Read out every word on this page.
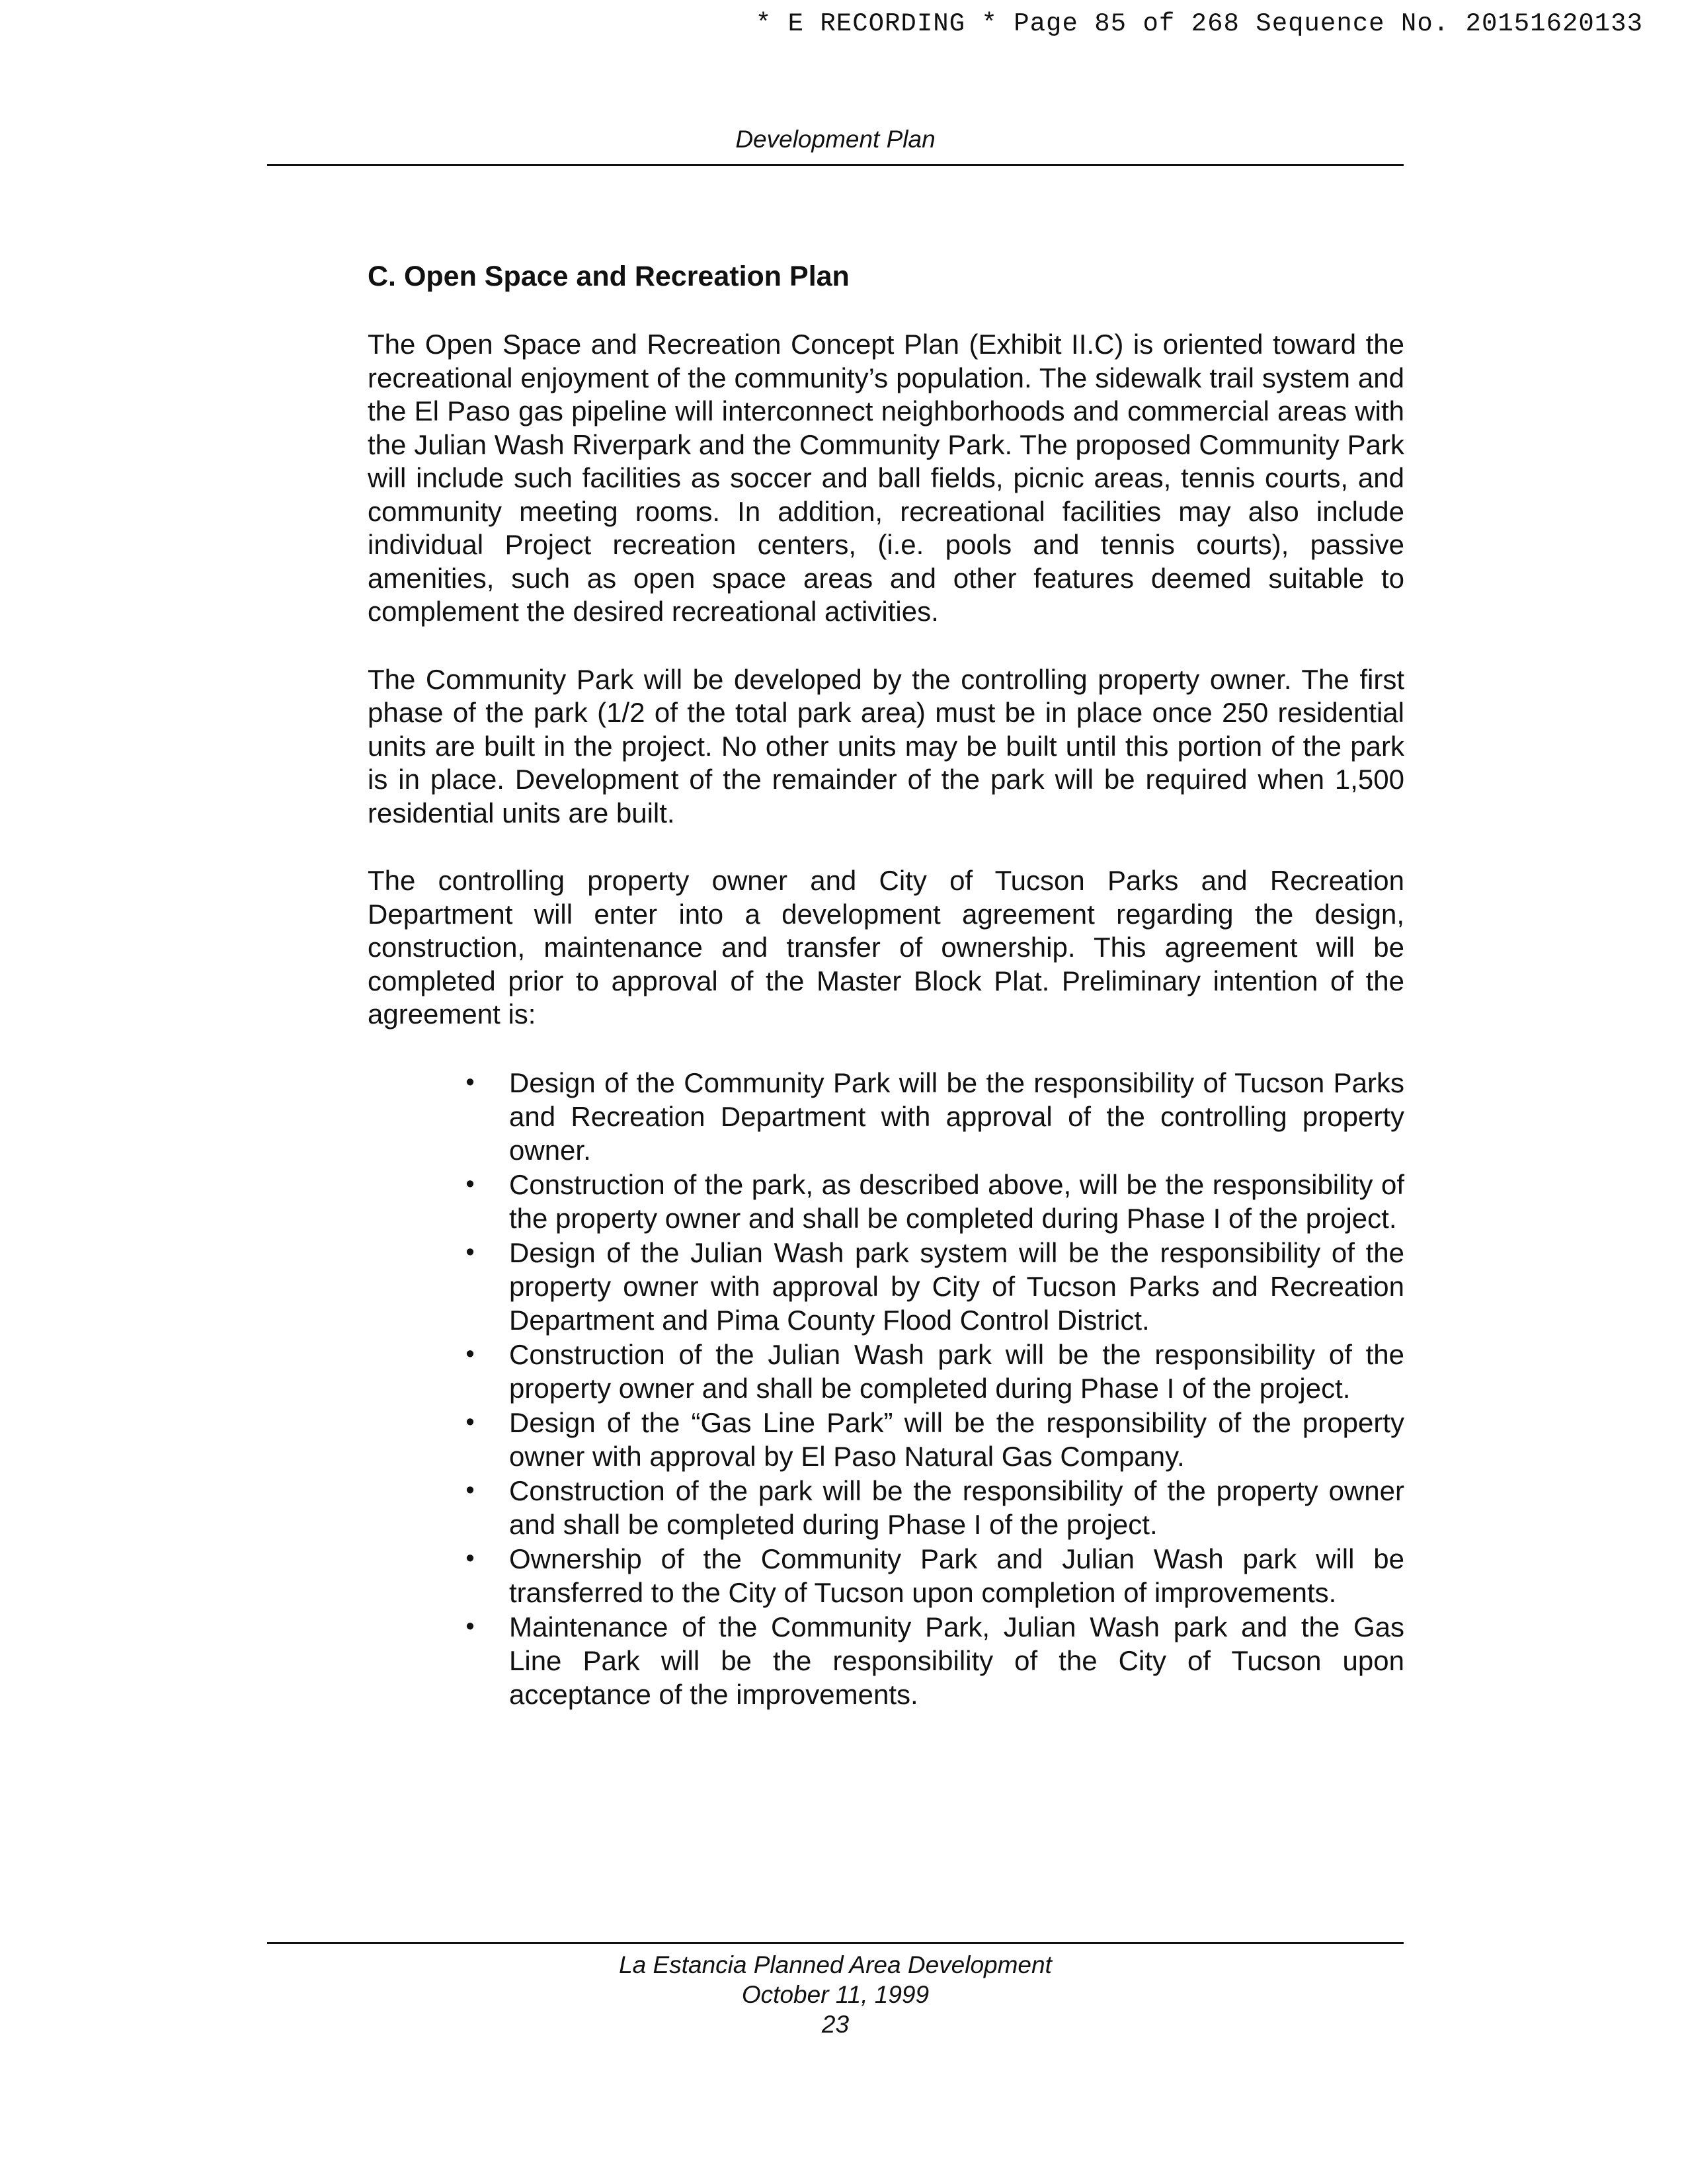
* E RECORDING * Page 85 of 268 Sequence No. 20151620133
Development Plan
C. Open Space and Recreation Plan

The Open Space and Recreation Concept Plan (Exhibit II.C) is oriented toward the recreational enjoyment of the community’s population. The sidewalk trail system and the El Paso gas pipeline will interconnect neighborhoods and commercial areas with the Julian Wash Riverpark and the Community Park. The proposed Community Park will include such facilities as soccer and ball fields, picnic areas, tennis courts, and community meeting rooms. In addition, recreational facilities may also include individual Project recreation centers, (i.e. pools and tennis courts), passive amenities, such as open space areas and other features deemed suitable to complement the desired recreational activities.

The Community Park will be developed by the controlling property owner. The first phase of the park (1/2 of the total park area) must be in place once 250 residential units are built in the project. No other units may be built until this portion of the park is in place. Development of the remainder of the park will be required when 1,500 residential units are built.

The controlling property owner and City of Tucson Parks and Recreation Department will enter into a development agreement regarding the design, construction, maintenance and transfer of ownership. This agreement will be completed prior to approval of the Master Block Plat. Preliminary intention of the agreement is:

• Design of the Community Park will be the responsibility of Tucson Parks and Recreation Department with approval of the controlling property owner.
• Construction of the park, as described above, will be the responsibility of the property owner and shall be completed during Phase I of the project.
• Design of the Julian Wash park system will be the responsibility of the property owner with approval by City of Tucson Parks and Recreation Department and Pima County Flood Control District.
• Construction of the Julian Wash park will be the responsibility of the property owner and shall be completed during Phase I of the project.
• Design of the “Gas Line Park” will be the responsibility of the property owner with approval by El Paso Natural Gas Company.
• Construction of the park will be the responsibility of the property owner and shall be completed during Phase I of the project.
• Ownership of the Community Park and Julian Wash park will be transferred to the City of Tucson upon completion of improvements.
• Maintenance of the Community Park, Julian Wash park and the Gas Line Park will be the responsibility of the City of Tucson upon acceptance of the improvements.
La Estancia Planned Area Development
October 11, 1999
23
